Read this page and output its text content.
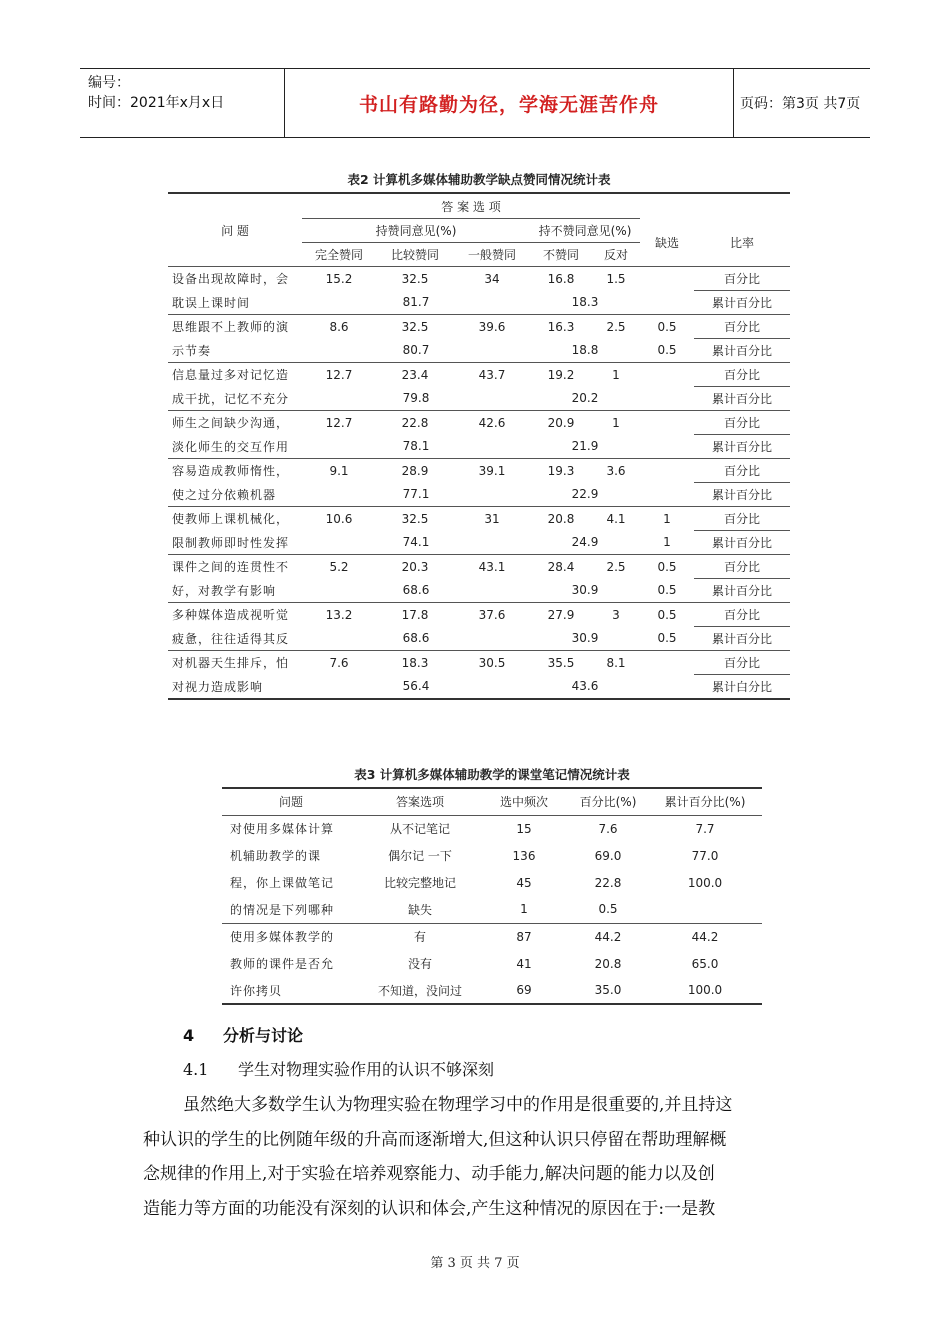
编号：
时间：2021年x月x日	书山有路勤为径，学海无涯苦作舟	页码：第3页 共7页
表2 计算机多媒体辅助教学缺点赞同情况统计表
问 题	答 案 选 项						
	持赞同意见(%)			持不赞同意见(%)		缺选	比率
	完全赞同	比较赞同	一般赞同	不赞同	反对		
设备出现故障时，会	15.2	32.5	34	16.8	1.5		百分比
耽误上课时间	81.7			18.3			累计百分比
思维跟不上教师的演	8.6	32.5	39.6	16.3	2.5	0.5	百分比
示节奏	80.7			18.8		0.5	累计百分比
信息量过多对记忆造	12.7	23.4	43.7	19.2	1		百分比
成干扰，记忆不充分	79.8			20.2			累计百分比
师生之间缺少沟通，	12.7	22.8	42.6	20.9	1		百分比
淡化师生的交互作用	78.1			21.9			累计百分比
容易造成教师惰性，	9.1	28.9	39.1	19.3	3.6		百分比
使之过分依赖机器	77.1			22.9			累计百分比
使教师上课机械化，	10.6	32.5	31	20.8	4.1	1	百分比
限制教师即时性发挥	74.1			24.9		1	累计百分比
课件之间的连贯性不	5.2	20.3	43.1	28.4	2.5	0.5	百分比
好，对教学有影响	68.6			30.9		0.5	累计百分比
多种媒体造成视听觉	13.2	17.8	37.6	27.9	3	0.5	百分比
疲惫，往往适得其反	68.6			30.9		0.5	累计百分比
对机器天生排斥，怕	7.6	18.3	30.5	35.5	8.1		百分比
对视力造成影响	56.4			43.6			累计白分比
表3 计算机多媒体辅助教学的课堂笔记情况统计表
问题	答案选项	选中频次	百分比(%)	累计百分比(%)
对使用多媒体计算	从不记笔记	15	7.6	7.7
机辅助教学的课	偶尔记 一下	136	69.0	77.0
程，你上课做笔记	比较完整地记	45	22.8	100.0
的情况是下列哪种	缺失	1	0.5	
使用多媒体教学的	有	87	44.2	44.2
教师的课件是否允	没有	41	20.8	65.0
许你拷贝	不知道，没问过	69	35.0	100.0
4 分析与讨论
4.1 学生对物理实验作用的认识不够深刻
虽然绝大多数学生认为物理实验在物理学习中的作用是很重要的,并且持这
种认识的学生的比例随年级的升高而逐渐增大,但这种认识只停留在帮助理解概
念规律的作用上,对于实验在培养观察能力、动手能力,解决问题的能力以及创
造能力等方面的功能没有深刻的认识和体会,产生这种情况的原因在于:一是教
第 3 页 共 7 页
